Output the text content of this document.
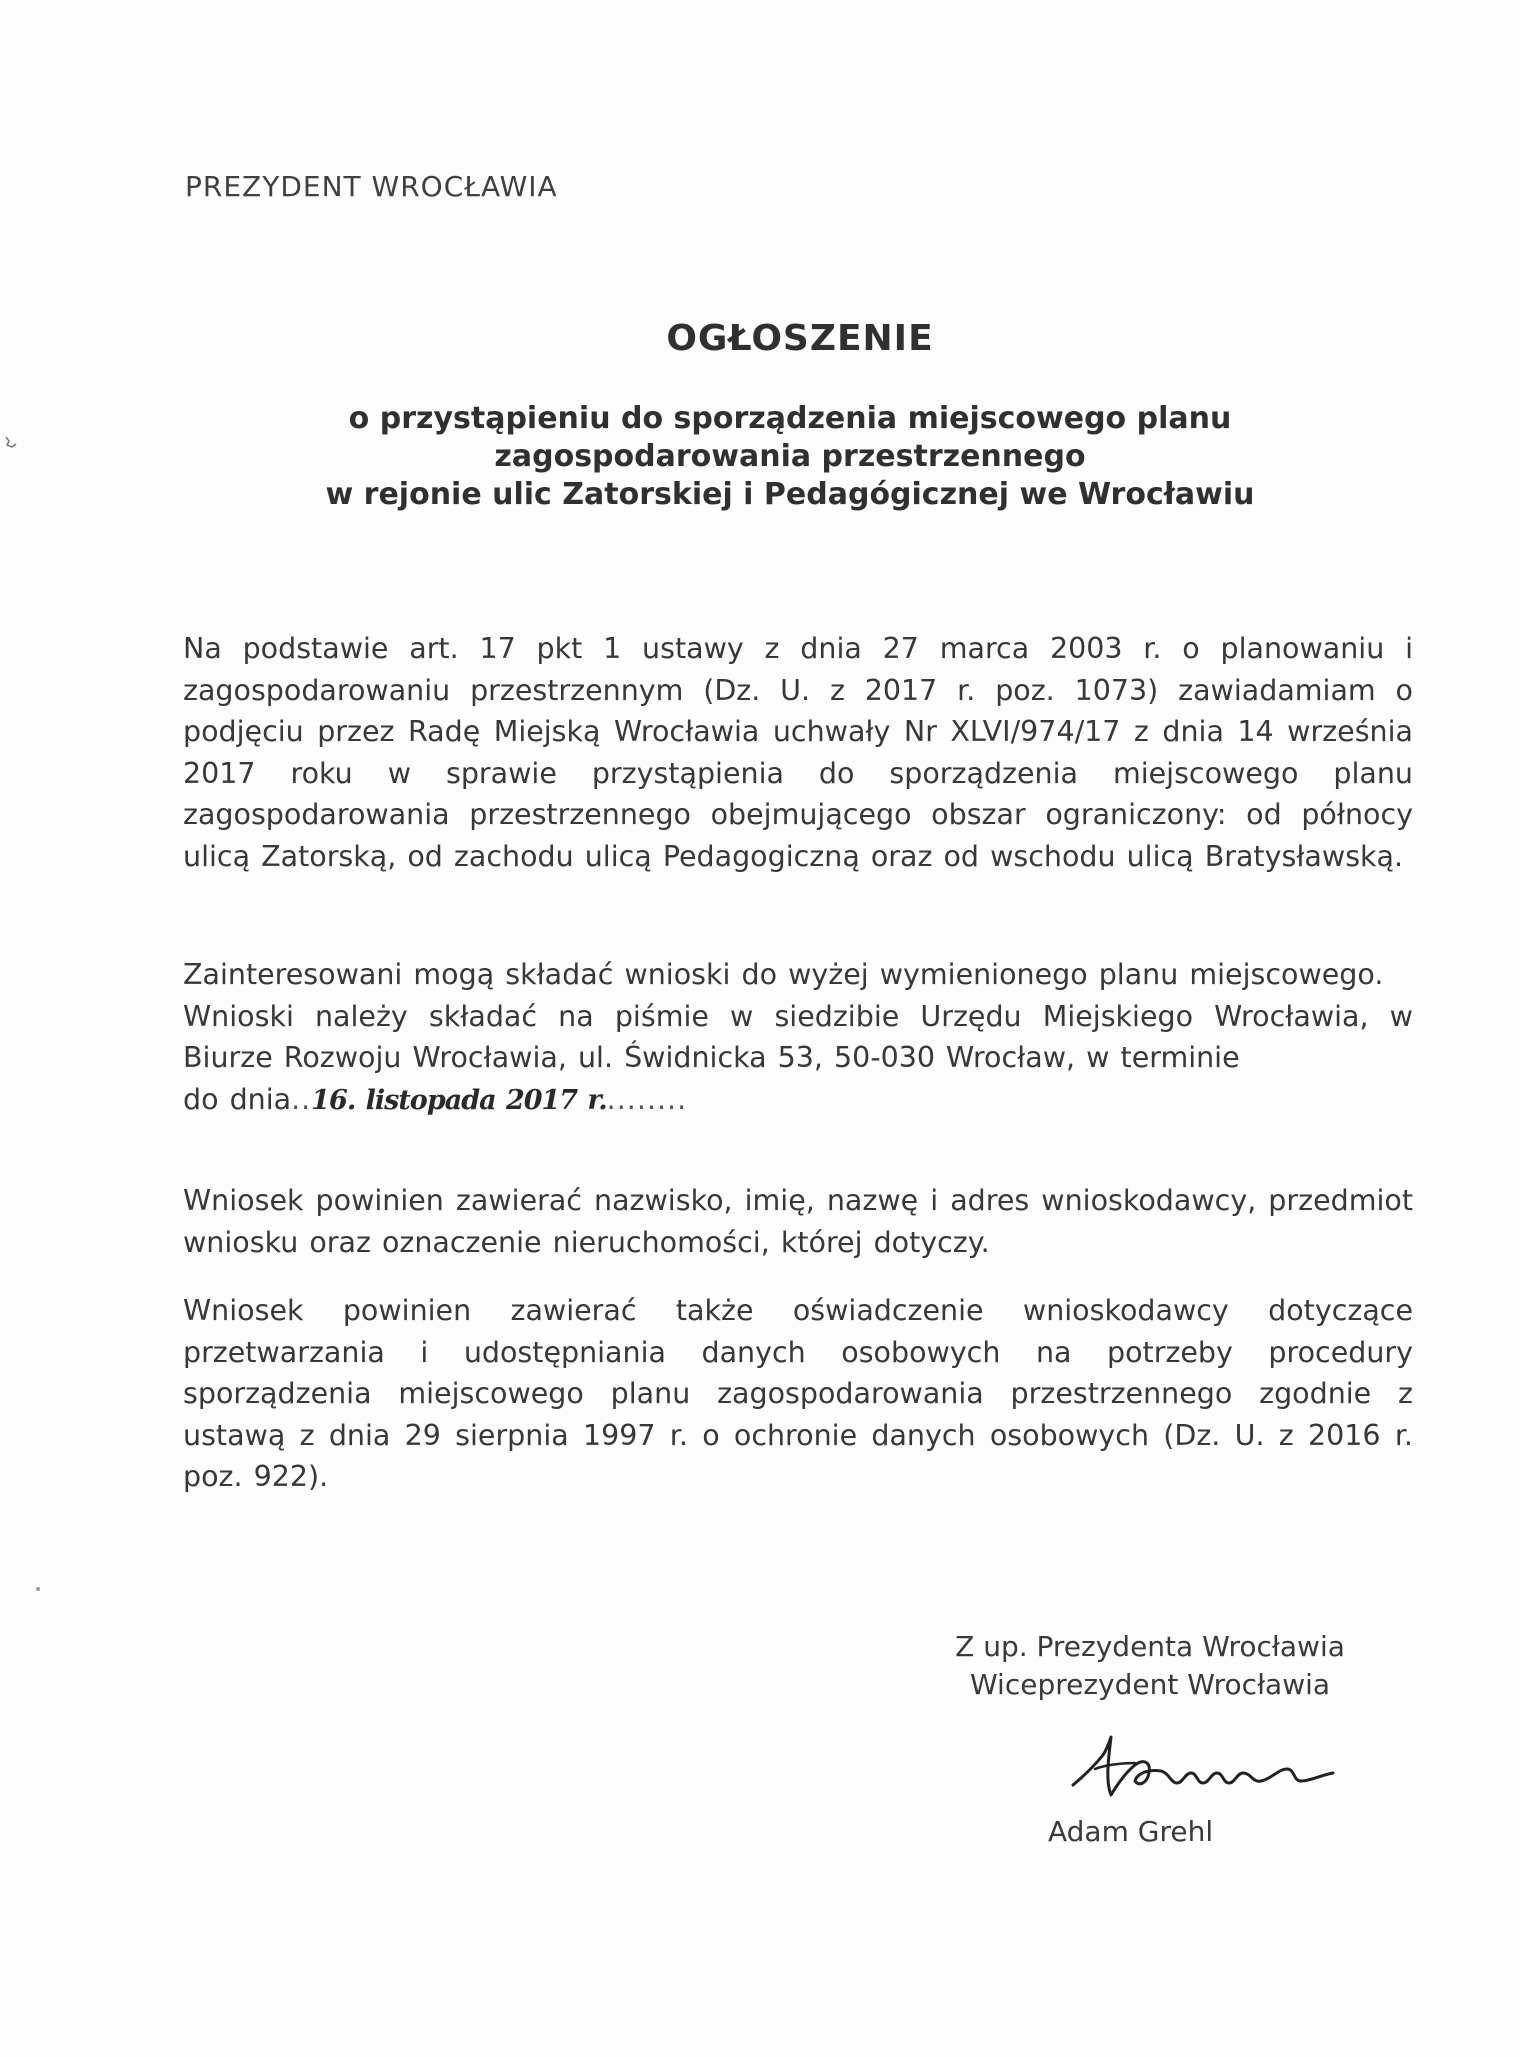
PREZYDENT WROCŁAWIA
OGŁOSZENIE
o przystąpieniu do sporządzenia miejscowego planu
zagospodarowania przestrzennego
w rejonie ulic Zatorskiej i Pedagógicznej we Wrocławiu
Na podstawie art. 17 pkt 1 ustawy z dnia 27 marca 2003 r. o planowaniu i zagospodarowaniu przestrzennym (Dz. U. z 2017 r. poz. 1073) zawiadamiam o podjęciu przez Radę Miejską Wrocławia uchwały Nr XLVI/974/17 z dnia 14 września 2017 roku w sprawie przystąpienia do sporządzenia miejscowego planu zagospodarowania przestrzennego obejmującego obszar ograniczony: od północy ulicą Zatorską, od zachodu ulicą Pedagogiczną oraz od wschodu ulicą Bratysławską.
Zainteresowani mogą składać wnioski do wyżej wymienionego planu miejscowego.
Wnioski należy składać na piśmie w siedzibie Urzędu Miejskiego Wrocławia, w Biurze Rozwoju Wrocławia, ul. Świdnicka 53, 50-030 Wrocław, w terminie
do dnia..16. listopada 2017 r.........
Wniosek powinien zawierać nazwisko, imię, nazwę i adres wnioskodawcy, przedmiot wniosku oraz oznaczenie nieruchomości, której dotyczy.
Wniosek powinien zawierać także oświadczenie wnioskodawcy dotyczące przetwarzania i udostępniania danych osobowych na potrzeby procedury sporządzenia miejscowego planu zagospodarowania przestrzennego zgodnie z ustawą z dnia 29 sierpnia 1997 r. o ochronie danych osobowych (Dz. U. z 2016 r. poz. 922).
Z up. Prezydenta Wrocławia
Wiceprezydent Wrocławia
Adam Grehl
